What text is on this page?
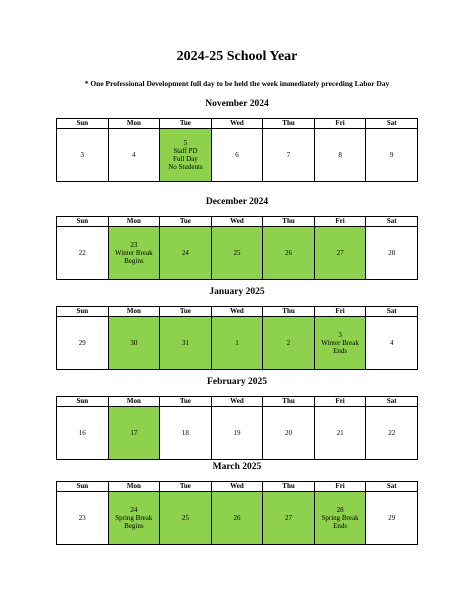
2024-25 School Year
* One Professional Development full day to be held the week immediately preceding Labor Day
November 2024
Sun	Mon	Tue	Wed	Thu	Fri	Sat

3	4	5
Staff PD
Full Day
No Students	6	7	8	9
December 2024
Sun	Mon	Tue	Wed	Thu	Fri	Sat

22	23
Winter Break
Begins	24	25	26	27	28
January 2025
Sun	Mon	Tue	Wed	Thu	Fri	Sat

29	30	31	1	2	3
Winter Break
Ends	4
February 2025
Sun	Mon	Tue	Wed	Thu	Fri	Sat

16	17	18	19	20	21	22
March 2025
Sun	Mon	Tue	Wed	Thu	Fri	Sat

23	24
Spring Break
Begins	25	26	27	28
Spring Break
Ends	29
